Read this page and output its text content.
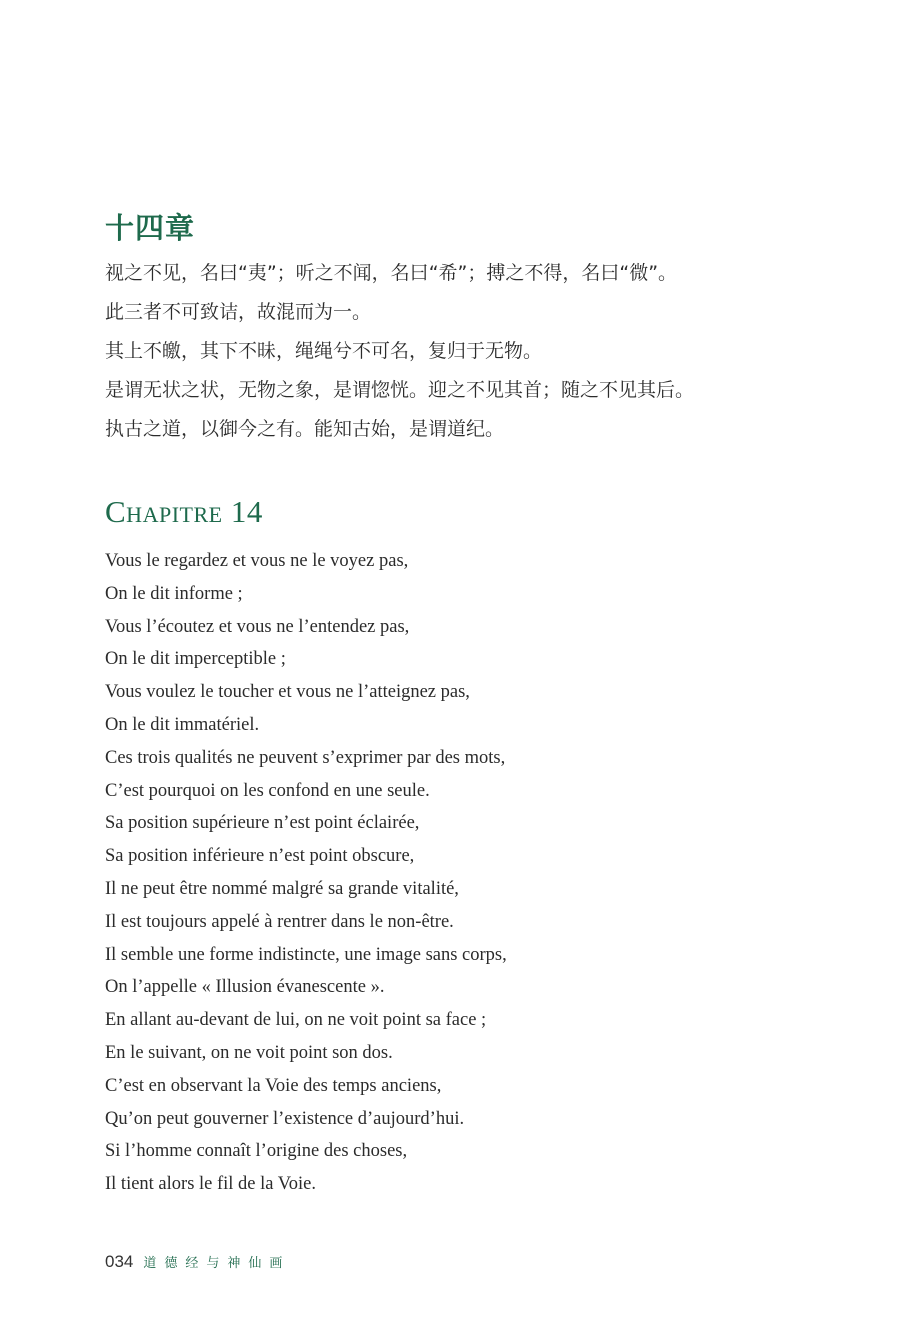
十四章
视之不见，名曰“夷”；听之不闻，名曰“希”；搏之不得，名曰“微”。
此三者不可致诘，故混而为一。
其上不皦，其下不昧，绳绳兮不可名，复归于无物。
是谓无状之状，无物之象，是谓惚恍。迎之不见其首；随之不见其后。
执古之道，以御今之有。能知古始，是谓道纪。
Chapitre 14
Vous le regardez et vous ne le voyez pas,
On le dit informe ;
Vous l’écoutez et vous ne l’entendez pas,
On le dit imperceptible ;
Vous voulez le toucher et vous ne l’atteignez pas,
On le dit immatériel.
Ces trois qualités ne peuvent s’exprimer par des mots,
C’est pourquoi on les confond en une seule.
Sa position supérieure n’est point éclairée,
Sa position inférieure n’est point obscure,
Il ne peut être nommé malgré sa grande vitalité,
Il est toujours appelé à rentrer dans le non-être.
Il semble une forme indistincte, une image sans corps,
On l’appelle « Illusion évanescente ».
En allant au-devant de lui, on ne voit point sa face ;
En le suivant, on ne voit point son dos.
C’est en observant la Voie des temps anciens,
Qu’on peut gouverner l’existence d’aujourd’hui.
Si l’homme connaît l’origine des choses,
Il tient alors le fil de la Voie.
034 道德经与神仙画
